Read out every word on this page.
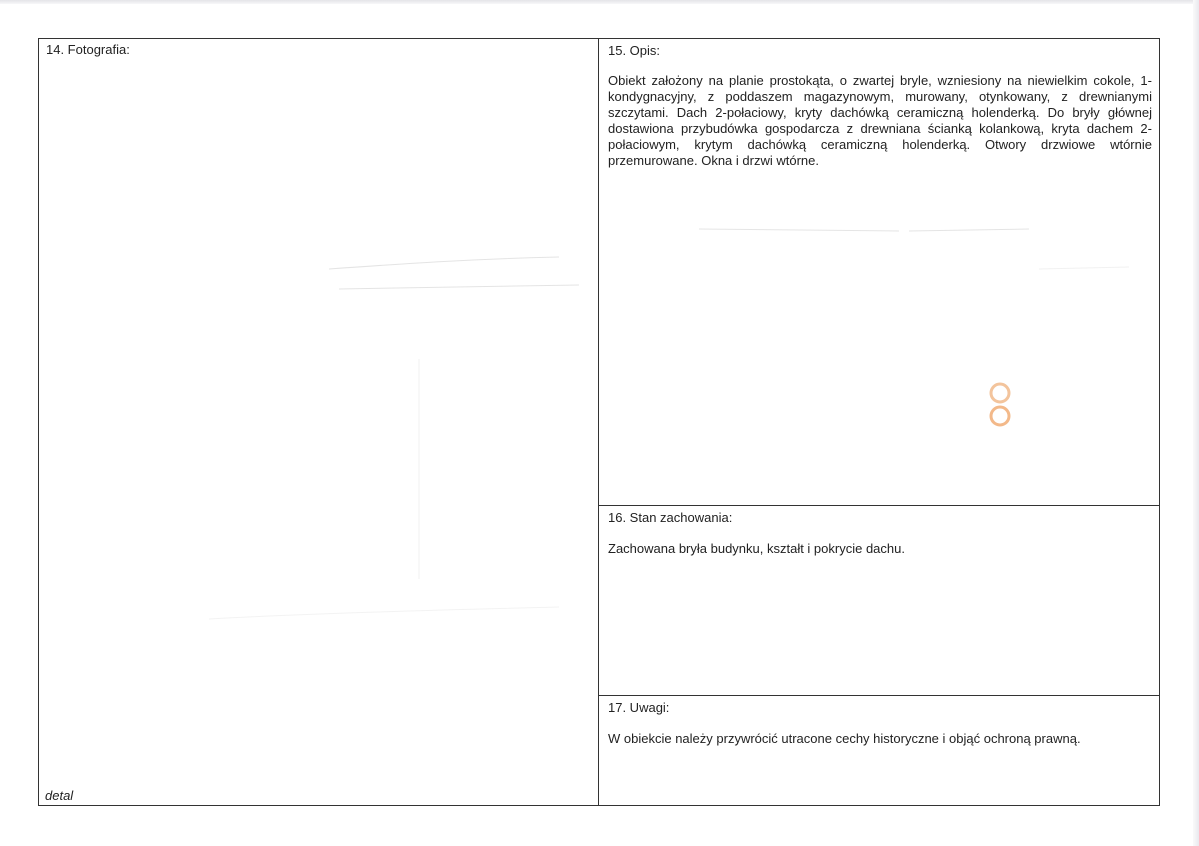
14. Fotografia:
detal
15. Opis:
Obiekt założony na planie prostokąta, o zwartej bryle, wzniesiony na niewielkim cokole, 1-kondygnacyjny, z poddaszem magazynowym, murowany, otynkowany, z drewnianymi szczytami. Dach 2-połaciowy, kryty dachówką ceramiczną holenderką. Do bryły głównej dostawiona przybudówka gospodarcza z drewniana ścianką kolankową, kryta dachem 2-połaciowym, krytym dachówką ceramiczną holenderką. Otwory drzwiowe wtórnie przemurowane. Okna i drzwi wtórne.
16. Stan zachowania:
Zachowana bryła budynku, kształt i pokrycie dachu.
17. Uwagi:
W obiekcie należy przywrócić utracone cechy historyczne i objąć ochroną prawną.
